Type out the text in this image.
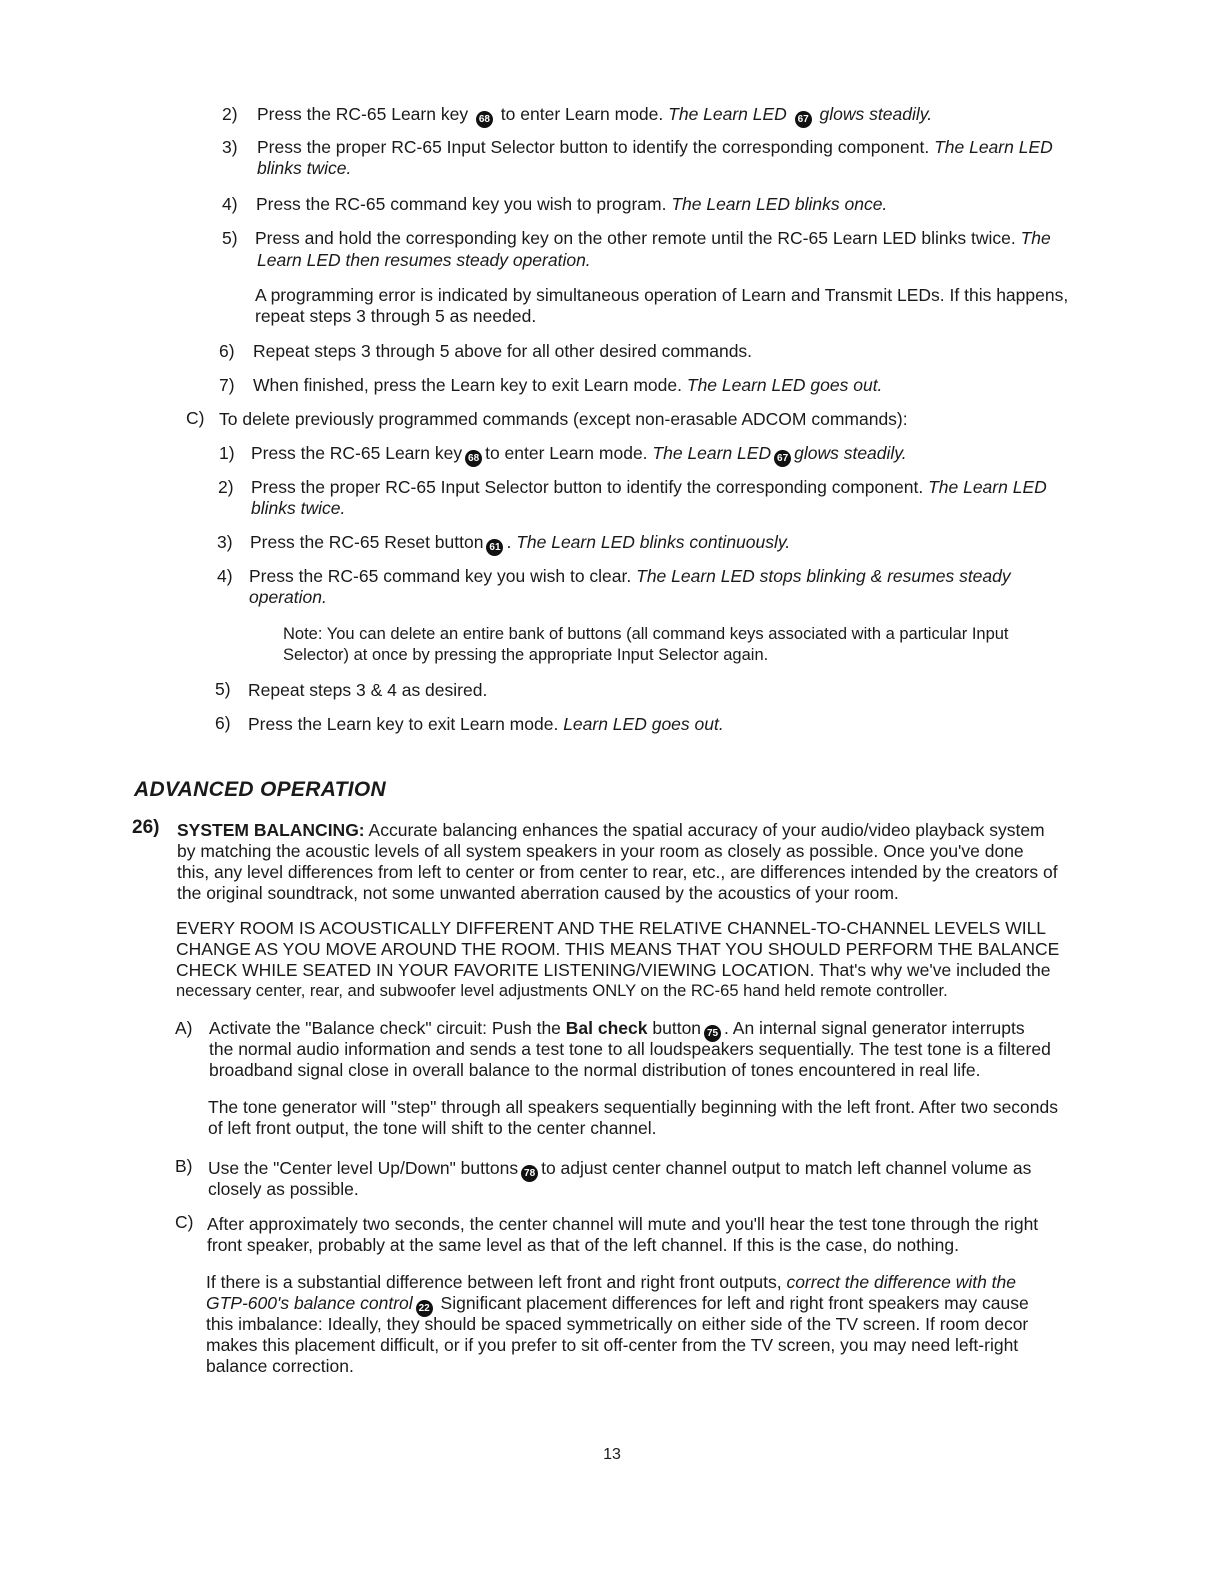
2) Press the RC-65 Learn key 68 to enter Learn mode. The Learn LED 67 glows steadily.
3) Press the proper RC-65 Input Selector button to identify the corresponding component. The Learn LED
blinks twice.
4) Press the RC-65 command key you wish to program. The Learn LED blinks once.
5) Press and hold the corresponding key on the other remote until the RC-65 Learn LED blinks twice. The
Learn LED then resumes steady operation.
A programming error is indicated by simultaneous operation of Learn and Transmit LEDs. If this happens,
repeat steps 3 through 5 as needed.
6) Repeat steps 3 through 5 above for all other desired commands.
7) When finished, press the Learn key to exit Learn mode. The Learn LED goes out.
C) To delete previously programmed commands (except non-erasable ADCOM commands):
1) Press the RC-65 Learn key 68 to enter Learn mode. The Learn LED 67 glows steadily.
2) Press the proper RC-65 Input Selector button to identify the corresponding component. The Learn LED
blinks twice.
3) Press the RC-65 Reset button 61 . The Learn LED blinks continuously.
4) Press the RC-65 command key you wish to clear. The Learn LED stops blinking & resumes steady
operation.
Note: You can delete an entire bank of buttons (all command keys associated with a particular Input
Selector) at once by pressing the appropriate Input Selector again.
5) Repeat steps 3 & 4 as desired.
6) Press the Learn key to exit Learn mode. Learn LED goes out.
ADVANCED OPERATION
26) SYSTEM BALANCING: Accurate balancing enhances the spatial accuracy of your audio/video playback system
by matching the acoustic levels of all system speakers in your room as closely as possible. Once you've done
this, any level differences from left to center or from center to rear, etc., are differences intended by the creators of
the original soundtrack, not some unwanted aberration caused by the acoustics of your room.
EVERY ROOM IS ACOUSTICALLY DIFFERENT AND THE RELATIVE CHANNEL-TO-CHANNEL LEVELS WILL
CHANGE AS YOU MOVE AROUND THE ROOM. THIS MEANS THAT YOU SHOULD PERFORM THE BALANCE
CHECK WHILE SEATED IN YOUR FAVORITE LISTENING/VIEWING LOCATION. That's why we've included the
necessary center, rear, and subwoofer level adjustments ONLY on the RC-65 hand held remote controller.
A) Activate the "Balance check" circuit: Push the Bal check button 75 . An internal signal generator interrupts
the normal audio information and sends a test tone to all loudspeakers sequentially. The test tone is a filtered
broadband signal close in overall balance to the normal distribution of tones encountered in real life.
The tone generator will "step" through all speakers sequentially beginning with the left front. After two seconds
of left front output, the tone will shift to the center channel.
B) Use the "Center level Up/Down" buttons 78 to adjust center channel output to match left channel volume as
closely as possible.
C) After approximately two seconds, the center channel will mute and you'll hear the test tone through the right
front speaker, probably at the same level as that of the left channel. If this is the case, do nothing.
If there is a substantial difference between left front and right front outputs, correct the difference with the
GTP-600's balance control 22 Significant placement differences for left and right front speakers may cause
this imbalance: Ideally, they should be spaced symmetrically on either side of the TV screen. If room decor
makes this placement difficult, or if you prefer to sit off-center from the TV screen, you may need left-right
balance correction.
13
